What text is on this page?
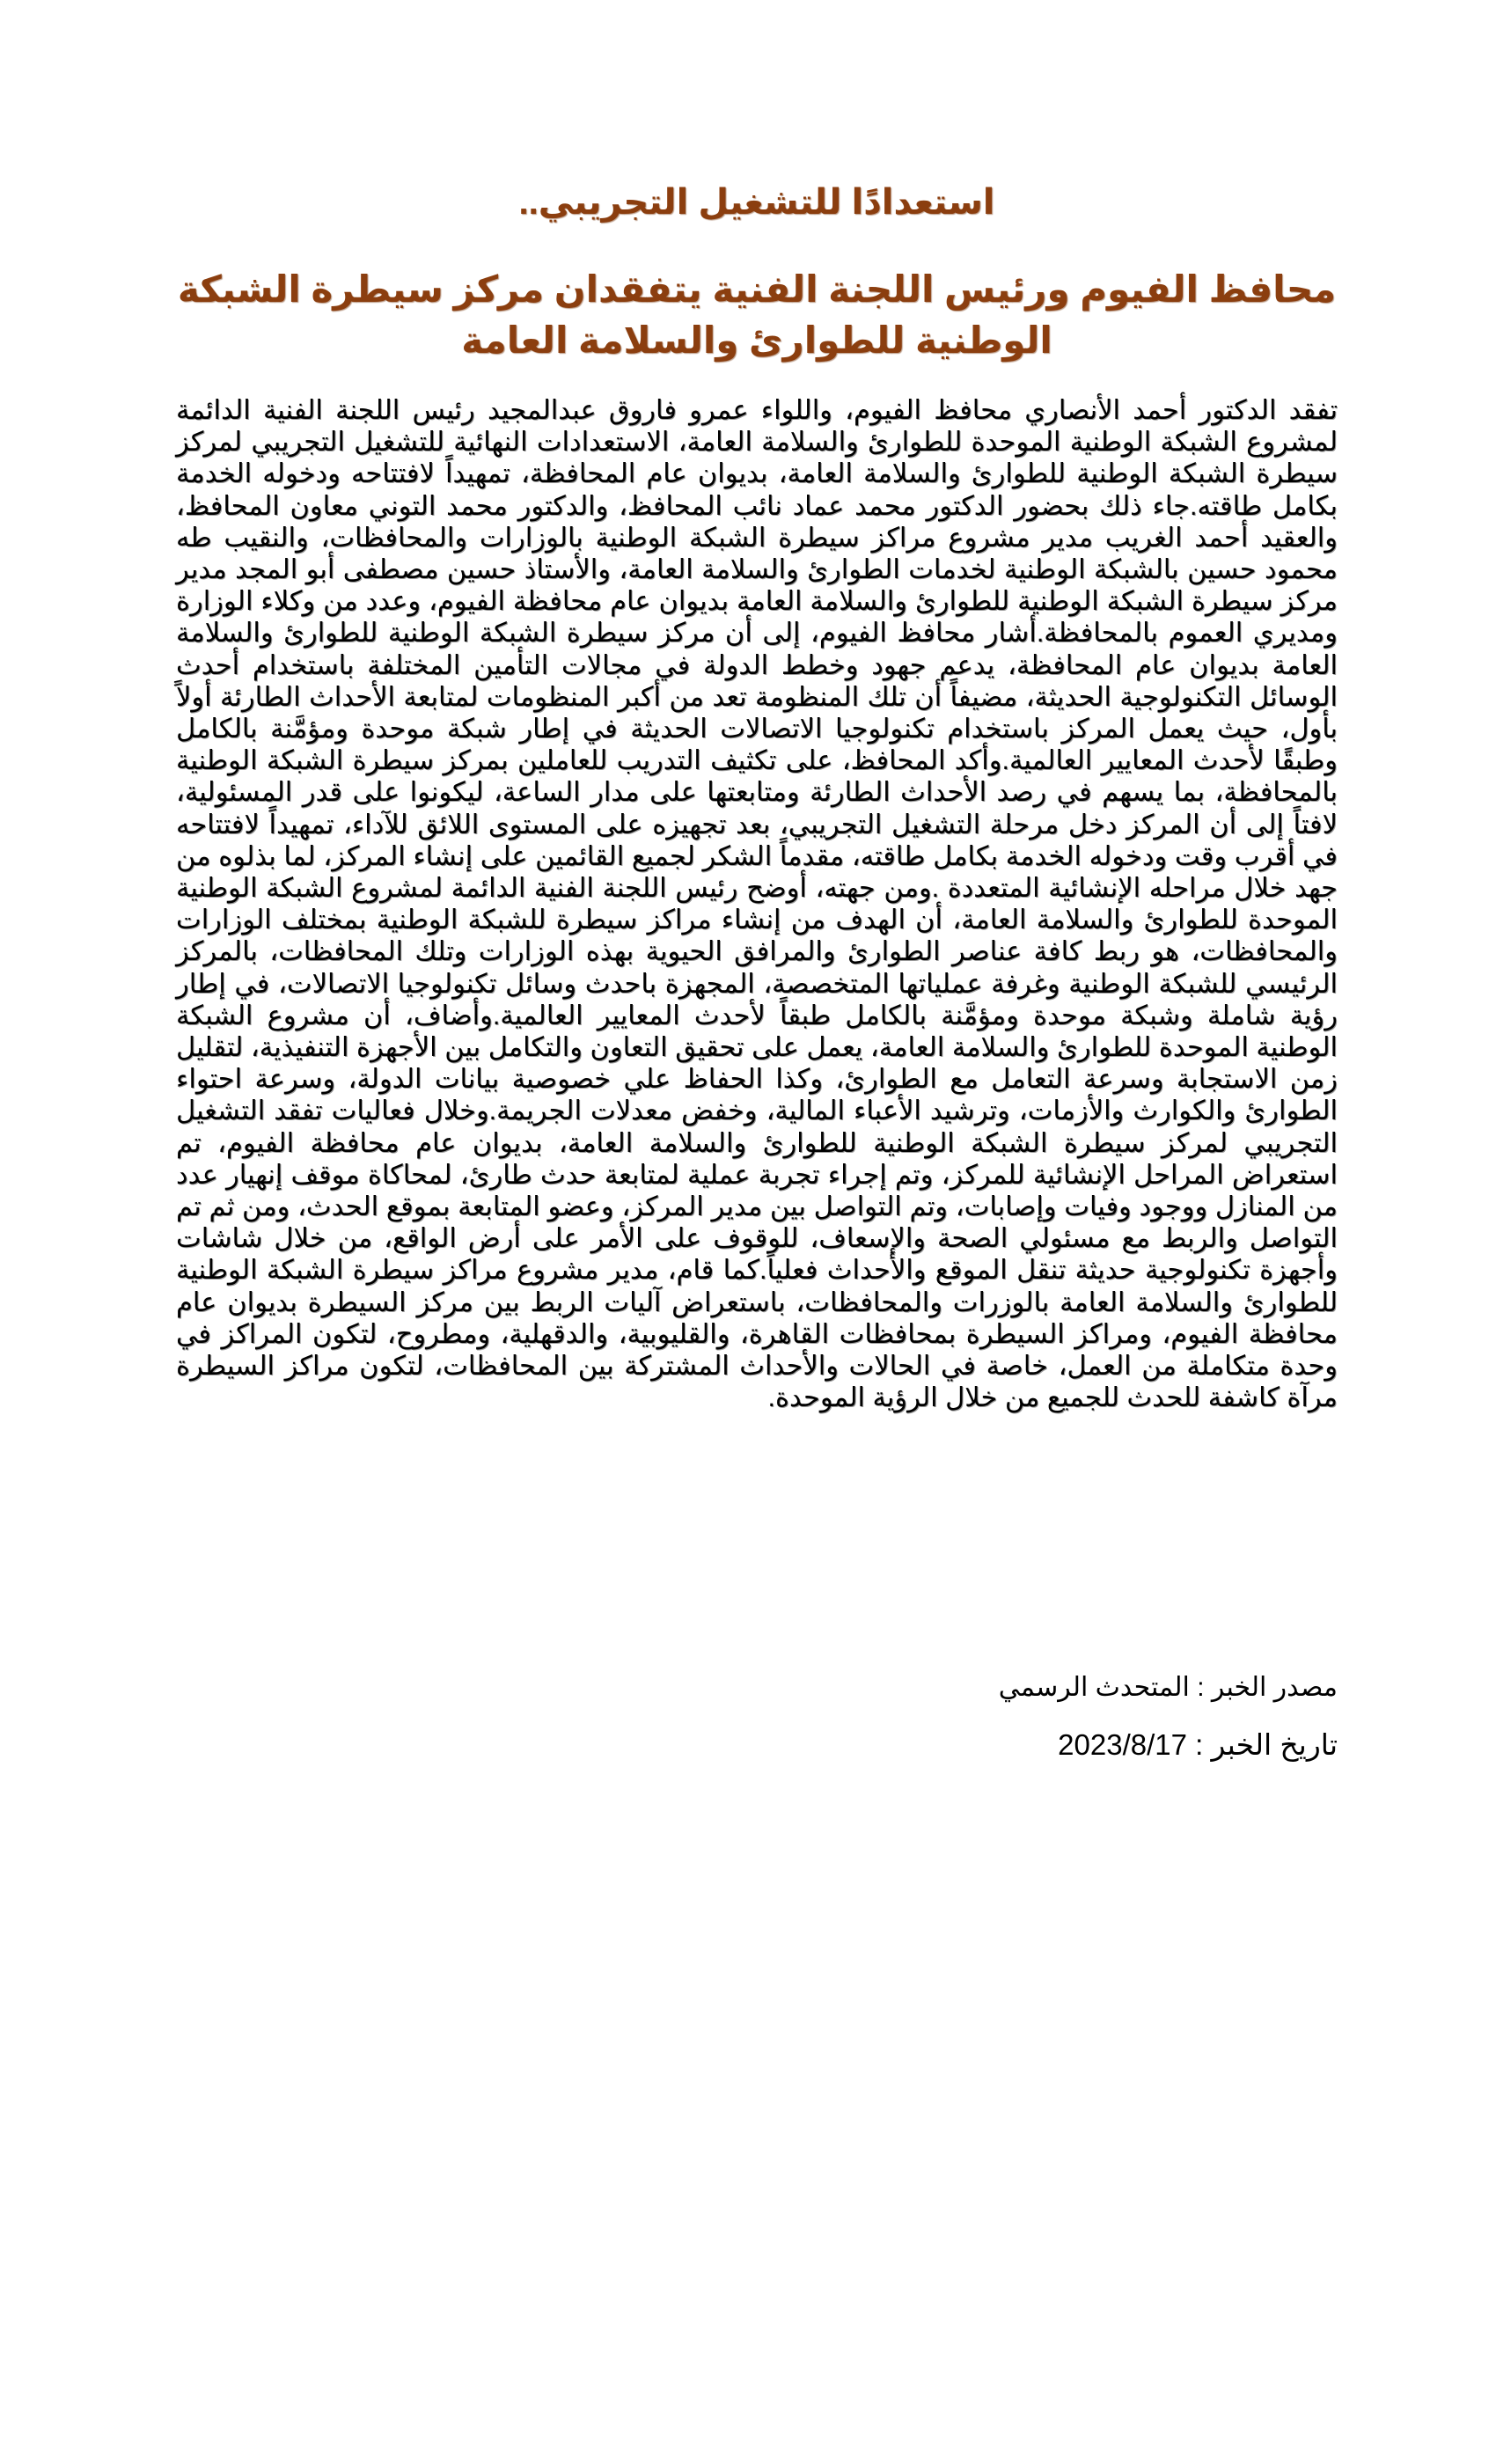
استعدادًا للتشغيل التجريبي..
محافظ الفيوم ورئيس اللجنة الفنية يتفقدان مركز سيطرة الشبكة الوطنية للطوارئ والسلامة العامة

تفقد الدكتور أحمد الأنصاري محافظ الفيوم، واللواء عمرو فاروق عبدالمجيد رئيس اللجنة الفنية الدائمة لمشروع الشبكة الوطنية الموحدة للطوارئ والسلامة العامة، الاستعدادات النهائية للتشغيل التجريبي لمركز سيطرة الشبكة الوطنية للطوارئ والسلامة العامة، بديوان عام المحافظة، تمهيداً لافتتاحه ودخوله الخدمة بكامل طاقته.جاء ذلك بحضور الدكتور محمد عماد نائب المحافظ، والدكتور محمد التوني معاون المحافظ، والعقيد أحمد الغريب مدير مشروع مراكز سيطرة الشبكة الوطنية بالوزارات والمحافظات، والنقيب طه محمود حسين بالشبكة الوطنية لخدمات الطوارئ والسلامة العامة، والأستاذ حسين مصطفى أبو المجد مدير مركز سيطرة الشبكة الوطنية للطوارئ والسلامة العامة بديوان عام محافظة الفيوم، وعدد من وكلاء الوزارة ومديري العموم بالمحافظة.أشار محافظ الفيوم، إلى أن مركز سيطرة الشبكة الوطنية للطوارئ والسلامة العامة بديوان عام المحافظة، يدعم جهود وخطط الدولة في مجالات التأمين المختلفة باستخدام أحدث الوسائل التكنولوجية الحديثة، مضيفاً أن تلك المنظومة تعد من أكبر المنظومات لمتابعة الأحداث الطارئة أولاً بأول، حيث يعمل المركز باستخدام تكنولوجيا الاتصالات الحديثة في إطار شبكة موحدة ومؤمَّنة بالكامل وطبقًا لأحدث المعايير العالمية.وأكد المحافظ، على تكثيف التدريب للعاملين بمركز سيطرة الشبكة الوطنية بالمحافظة، بما يسهم في رصد الأحداث الطارئة ومتابعتها على مدار الساعة، ليكونوا على قدر المسئولية، لافتاً إلى أن المركز دخل مرحلة التشغيل التجريبي، بعد تجهيزه على المستوى اللائق للآداء، تمهيداً لافتتاحه في أقرب وقت ودخوله الخدمة بكامل طاقته، مقدماً الشكر لجميع القائمين على إنشاء المركز، لما بذلوه من جهد خلال مراحله الإنشائية المتعددة .ومن جهته، أوضح رئيس اللجنة الفنية الدائمة لمشروع الشبكة الوطنية الموحدة للطوارئ والسلامة العامة، أن الهدف من إنشاء مراكز سيطرة للشبكة الوطنية بمختلف الوزارات والمحافظات، هو ربط كافة عناصر الطوارئ والمرافق الحيوية بهذه الوزارات وتلك المحافظات، بالمركز الرئيسي للشبكة الوطنية وغرفة عملياتها المتخصصة، المجهزة باحدث وسائل تكنولوجيا الاتصالات، في إطار رؤية شاملة وشبكة موحدة ومؤمَّنة بالكامل طبقاً لأحدث المعايير العالمية.وأضاف، أن مشروع الشبكة الوطنية الموحدة للطوارئ والسلامة العامة، يعمل على تحقيق التعاون والتكامل بين الأجهزة التنفيذية، لتقليل زمن الاستجابة وسرعة التعامل مع الطوارئ، وكذا الحفاظ علي خصوصية بيانات الدولة، وسرعة احتواء الطوارئ والكوارث والأزمات، وترشيد الأعباء المالية، وخفض معدلات الجريمة.وخلال فعاليات تفقد التشغيل التجريبي لمركز سيطرة الشبكة الوطنية للطوارئ والسلامة العامة، بديوان عام محافظة الفيوم، تم استعراض المراحل الإنشائية للمركز، وتم إجراء تجربة عملية لمتابعة حدث طارئ، لمحاكاة موقف إنهيار عدد من المنازل ووجود وفيات وإصابات، وتم التواصل بين مدير المركز، وعضو المتابعة بموقع الحدث، ومن ثم تم التواصل والربط مع مسئولي الصحة والإسعاف، للوقوف على الأمر على أرض الواقع، من خلال شاشات وأجهزة تكنولوجية حديثة تنقل الموقع والأحداث فعلياً.كما قام، مدير مشروع مراكز سيطرة الشبكة الوطنية للطوارئ والسلامة العامة بالوزرات والمحافظات، باستعراض آليات الربط بين مركز السيطرة بديوان عام محافظة الفيوم، ومراكز السيطرة بمحافظات القاهرة، والقليوبية، والدقهلية، ومطروح، لتكون المراكز في وحدة متكاملة من العمل، خاصة في الحالات والأحداث المشتركة بين المحافظات، لتكون مراكز السيطرة مرآة كاشفة للحدث للجميع من خلال الرؤية الموحدة.

مصدر الخبر : المتحدث الرسمي
تاريخ الخبر : 2023/8/17
